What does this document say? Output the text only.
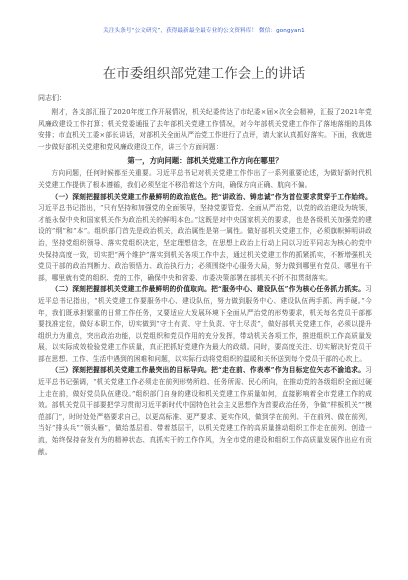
关注头条号“公文研究”，获得最新最全最专业的公文资料库！ 微信：gongyan1
在市委组织部党建工作会上的讲话
同志们：

刚才，各支部汇报了2020年度工作开展情况，机关纪委传达了市纪委×届×次全会精神，汇报了2021年党风廉政建设工作打算；机关党委通报了去年部机关党建工作情况，对今年部机关党建工作作了落地落细的具体安排；市直机关工委×部长讲话，对部机关全面从严治党工作进行了点评，请大家认真抓好落实。下面，我就进一步做好部机关党建和党风廉政建设工作，讲三个方面问题：

第一，方向问题：部机关党建工作方向在哪里？

方向问题，任何时候都至关重要。习近平总书记对机关党建工作作出了一系列重要论述，为做好新时代机关党建工作提供了根本遵循，我们必须坚定不移沿着这个方向，确保方向正确、航向不偏。

（一）深刻把握部机关党建工作最鲜明的政治底色。把“讲政治、铸忠诚”作为首位要求贯穿于工作始终。习近平总书记指出，“只有坚持和加强党的全面领导，坚持党要管党、全面从严治党，以党的政治建设为统领，才能永保中央和国家机关作为政治机关的鲜明本色。”这既是对中央国家机关的要求，也是各级机关加强党的建设的“纲”和“本”。组织部门首先是政治机关，政治属性是第一属性。做好部机关党建工作，必须旗帜鲜明讲政治，坚持党组织领导、落实党组织决定，坚定理想信念，在思想上政治上行动上同以习近平同志为核心的党中央保持高度一致，切实把“两个维护”落实到机关各项工作中去，通过机关党建工作的抓紧抓实，不断增强机关党员干部的政治判断力、政治领悟力、政治执行力；必须围绕中心服务大局，努力做到哪里有党员、哪里有干部，哪里就有党的组织、党的工作，确保中央和省委、市委决策部署在部机关不折不扣贯彻落实。

（二）深刻把握部机关党建工作最鲜明的价值取向。把“服务中心、建设队伍”作为核心任务抓力抓实。习近平总书记指出，“机关党建工作要服务中心、建设队伍，努力做到服务中心、建设队伍两手抓、两手硬。”今年，我们既承担繁重的日常工作任务，又要适应大发展环境下全面从严治党的形势要求，机关每名党员干部都要找准定位，做好本职工作，切实做到“守土有责、守土负责、守土尽责”，做好部机关党建工作，必须以提升组织力为重点，突出政治功能，以党组织和党员作用的充分发挥，带动机关各项工作，推进组织工作高质量发展，以实际成效检验党建工作质量，真正把抓好党建作为最大的政绩。同时，要高度关注、切实解决好党员干部在思想、工作、生活中遇到的困难和问题，以实际行动将党组织的温暖和关怀送到每个党员干部的心坎上。

（三）深刻把握部机关党建工作最突出的目标导向。把“走在前、作表率”作为目标定位矢志不渝追求。习近平总书记强调，“机关党建工作必须走在前列形势所趋、任务所需、民心所向，在推动党的各级组织全面过硬上走在前，做好党员队伍建设。”组织部门自身的建设和机关党建工作质量如何，直接影响着全市党建工作的成效。部机关党员干部要把学习贯彻习近平新时代中国特色社会主义思想作为首要政治任务，争做“样板机关”“模范部门”，时时处处严格要求自己，以更高标准、更严要求、更实作风，做到学在前列、干在前列、做在前列，当好“排头兵”“领头雁”，做给基层看、带着基层干，以机关党建工作的高质量推动组织工作走在前列、创造一流，始终保持奋发有为的精神状态、真抓实干的工作作风，为全市党的建设和组织工作高质量发展作出应有贡献。
